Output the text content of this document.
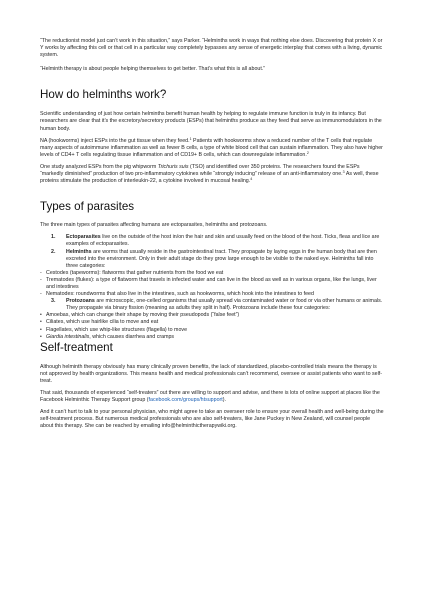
“The reductionist model just can’t work in this situation,” says Parker. “Helminths work in ways that nothing else does. Discovering that protein X or Y works by affecting this cell or that cell in a particular way completely bypasses any sense of energetic interplay that comes with a living, dynamic system.

“Helminth therapy is about people helping themselves to get better. That’s what this is all about.”

How do helminths work?

Scientific understanding of just how certain helminths benefit human health by helping to regulate immune function is truly in its infancy. But researchers are clear that it’s the excretory/secretory products (ESPs) that helminths produce as they feed that serve as immunomodulators in the human body.

NA (hookworms) inject ESPs into the gut tissue when they feed.$^1$ Patients with hookworms show a reduced number of the T cells that regulate many aspects of autoimmune inflammation as well as fewer B cells, a type of white blood cell that can sustain inflammation. They also have higher levels of CD4+ T cells regulating tissue inflammation and of CD19+ B cells, which can downregulate inflammation.$^2$

One study analyzed ESPs from the pig whipworm Trichuris suis (TSO) and identified over 350 proteins. The researchers found the ESPs “markedly diminished” production of two pro-inflammatory cytokines while “strongly inducing” release of an anti-inflammatory one.$^3$ As well, these proteins stimulate the production of interleukin-22, a cytokine involved in mucosal healing.$^4$

Types of parasites

The three main types of parasites affecting humans are ectoparasites, helminths and protozoans.

1. Ectoparasites live on the outside of the host in/on the hair and skin and usually feed on the blood of the host. Ticks, fleas and lice are examples of ectoparasites.
2. Helminths are worms that usually reside in the gastrointestinal tract. They propagate by laying eggs in the human body that are then excreted into the environment. Only in their adult stage do they grow large enough to be visible to the naked eye. Helminths fall into three categories:
- Cestodes (tapeworms): flatworms that gather nutrients from the food we eat
- Trematodes (flukes): a type of flatworm that travels in infected water and can live in the blood as well as in various organs, like the lungs, liver and intestines
- Nematodes: roundworms that also live in the intestines, such as hookworms, which hook into the intestines to feed
3. Protozoans are microscopic, one-celled organisms that usually spread via contaminated water or food or via other humans or animals. They propagate via binary fission (meaning as adults they split in half). Protozoans include these four categories:
• Amoebas, which can change their shape by moving their pseudopods (“false feet”)
• Ciliates, which use hairlike cilia to move and eat
• Flagellates, which use whip-like structures (flagella) to move
• Giardia intestinalis, which causes diarrhea and cramps
Self-treatment

Although helminth therapy obviously has many clinically proven benefits, the lack of standardized, placebo-controlled trials means the therapy is not approved by health organizations. This means health and medical professionals can’t recommend, oversee or assist patients who want to self-treat.

That said, thousands of experienced “self-treaters” out there are willing to support and advise, and there is lots of online support at places like the Facebook Helminthic Therapy Support group (facebook.com/groups/htsupport).

And it can’t hurt to talk to your personal physician, who might agree to take an overseer role to ensure your overall health and well-being during the self-treatment process. But numerous medical professionals who are also self-treaters, like Jane Puckey in New Zealand, will counsel people about this therapy. She can be reached by emailing info@helminthictherapywiki.org.
